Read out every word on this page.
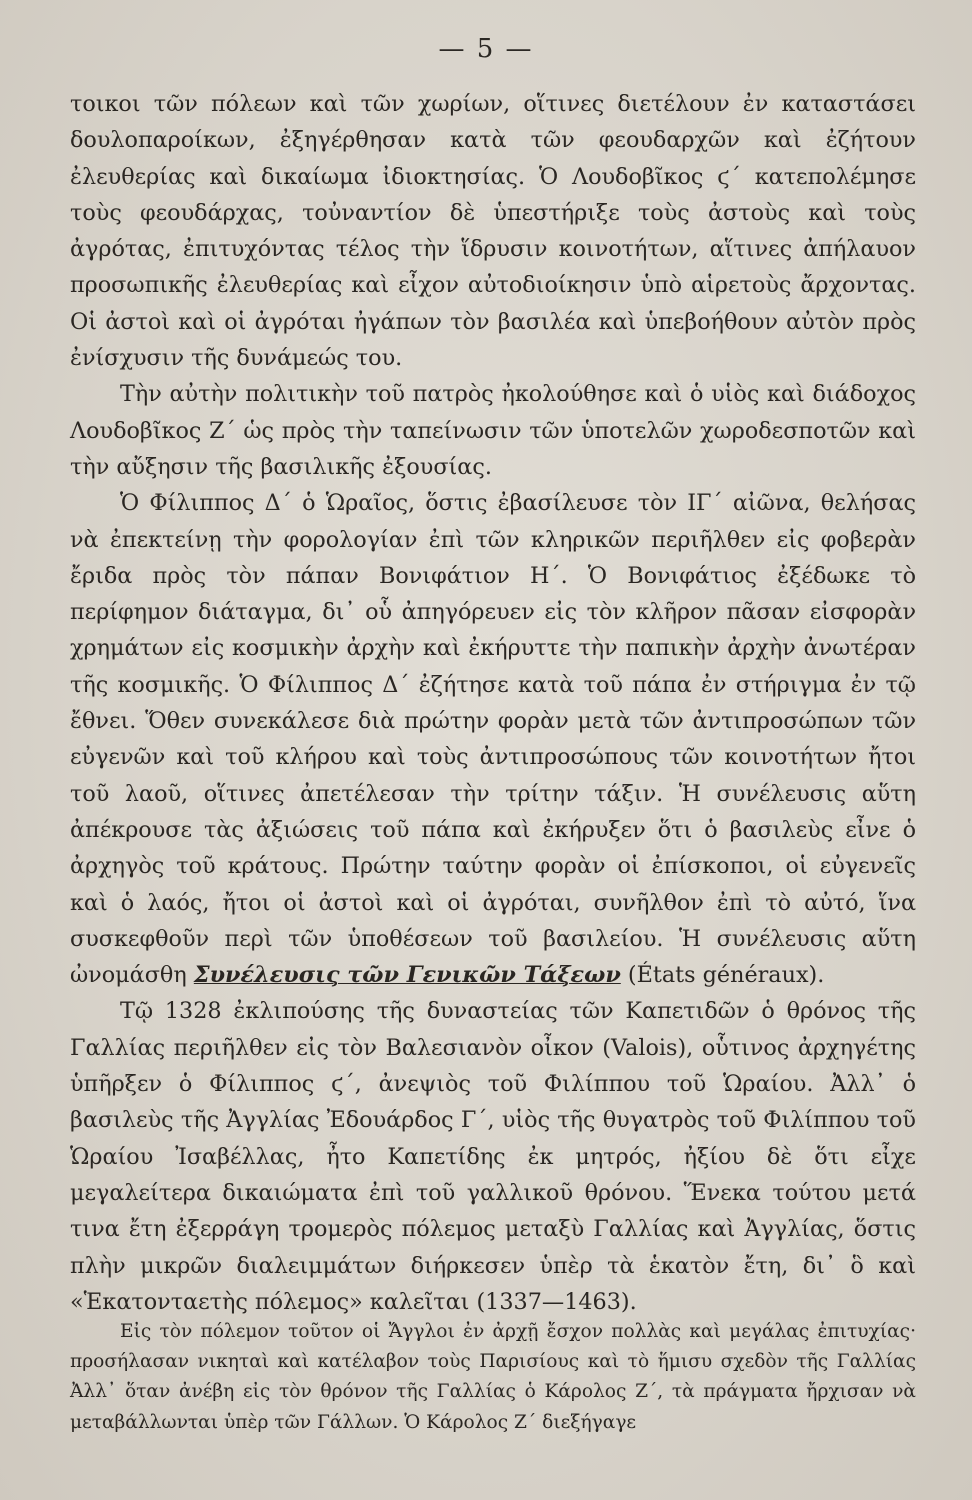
— 5 —

τοικοι τῶν πόλεων καὶ τῶν χωρίων, οἵτινες διετέλουν ἐν καταστάσει δουλοπαροίκων, ἐξηγέρθησαν κατὰ τῶν φεουδαρχῶν καὶ ἐζήτουν ἐλευθερίας καὶ δικαίωμα ἰδιοκτησίας. Ὁ Λουδοβῖκος ϛ΄ κατεπολέμησε τοὺς φεουδάρχας, τοὐναντίον δὲ ὑπεστήριξε τοὺς ἀστοὺς καὶ τοὺς ἀγρότας, ἐπιτυχόντας τέλος τὴν ἵδρυσιν κοινοτήτων, αἵτινες ἀπήλαυον προσωπικῆς ἐλευθερίας καὶ εἶχον αὐτοδιοίκησιν ὑπὸ αἱρετοὺς ἄρχοντας. Οἱ ἀστοὶ καὶ οἱ ἀγρόται ἠγάπων τὸν βασιλέα καὶ ὑπεβοήθουν αὐτὸν πρὸς ἐνίσχυσιν τῆς δυνάμεώς του.

Τὴν αὐτὴν πολιτικὴν τοῦ πατρὸς ἠκολούθησε καὶ ὁ υἱὸς καὶ διάδοχος Λουδοβῖκος Ζ΄ ὡς πρὸς τὴν ταπείνωσιν τῶν ὑποτελῶν χωροδεσποτῶν καὶ τὴν αὔξησιν τῆς βασιλικῆς ἐξουσίας.

Ὁ Φίλιππος Δ΄ ὁ Ὡραῖος, ὅστις ἐβασίλευσε τὸν ΙΓ΄ αἰῶνα, θελήσας νὰ ἐπεκτείνῃ τὴν φορολογίαν ἐπὶ τῶν κληρικῶν περιῆλθεν εἰς φοβερὰν ἔριδα πρὸς τὸν πάπαν Βονιφάτιον Η΄. Ὁ Βονιφάτιος ἐξέδωκε τὸ περίφημον διάταγμα, δι᾽ οὗ ἀπηγόρευεν εἰς τὸν κλῆρον πᾶσαν εἰσφορὰν χρημάτων εἰς κοσμικὴν ἀρχὴν καὶ ἐκήρυττε τὴν παπικὴν ἀρχὴν ἀνωτέραν τῆς κοσμικῆς. Ὁ Φίλιππος Δ΄ ἐζήτησε κατὰ τοῦ πάπα ἐν στήριγμα ἐν τῷ ἔθνει. Ὅθεν συνεκάλεσε διὰ πρώτην φορὰν μετὰ τῶν ἀντιπροσώπων τῶν εὐγενῶν καὶ τοῦ κλήρου καὶ τοὺς ἀντιπροσώπους τῶν κοινοτήτων ἤτοι τοῦ λαοῦ, οἵτινες ἀπετέλεσαν τὴν τρίτην τάξιν. Ἡ συνέλευσις αὕτη ἀπέκρουσε τὰς ἀξιώσεις τοῦ πάπα καὶ ἐκήρυξεν ὅτι ὁ βασιλεὺς εἶνε ὁ ἀρχηγὸς τοῦ κράτους. Πρώτην ταύτην φορὰν οἱ ἐπίσκοποι, οἱ εὐγενεῖς καὶ ὁ λαός, ἤτοι οἱ ἀστοὶ καὶ οἱ ἀγρόται, συνῆλθον ἐπὶ τὸ αὐτό, ἵνα συσκεφθοῦν περὶ τῶν ὑποθέσεων τοῦ βασιλείου. Ἡ συνέλευσις αὕτη ὠνομάσθη Συνέλευσις τῶν Γενικῶν Τάξεων (États généraux).

Τῷ 1328 ἐκλιπούσης τῆς δυναστείας τῶν Καπετιδῶν ὁ θρόνος τῆς Γαλλίας περιῆλθεν εἰς τὸν Βαλεσιανὸν οἶκον (Valois), οὗτινος ἀρχηγέτης ὑπῆρξεν ὁ Φίλιππος ϛ΄, ἀνεψιὸς τοῦ Φιλίππου τοῦ Ὡραίου. Ἀλλ᾽ ὁ βασιλεὺς τῆς Ἀγγλίας Ἐδουάρδος Γ΄, υἱὸς τῆς θυγατρὸς τοῦ Φιλίππου τοῦ Ὡραίου Ἰσαβέλλας, ἦτο Καπετίδης ἐκ μητρός, ἠξίου δὲ ὅτι εἶχε μεγαλείτερα δικαιώματα ἐπὶ τοῦ γαλλικοῦ θρόνου. Ἕνεκα τούτου μετά τινα ἔτη ἐξερράγη τρομερὸς πόλεμος μεταξὺ Γαλλίας καὶ Ἀγγλίας, ὅστις πλὴν μικρῶν διαλειμμάτων διήρκεσεν ὑπὲρ τὰ ἑκατὸν ἔτη, δι᾽ ὃ καὶ «Ἑκατονταετὴς πόλεμος» καλεῖται (1337—1463).

Εἰς τὸν πόλεμον τοῦτον οἱ Ἄγγλοι ἐν ἀρχῇ ἔσχον πολλὰς καὶ μεγάλας ἐπιτυχίας· προσήλασαν νικηταὶ καὶ κατέλαβον τοὺς Παρισίους καὶ τὸ ἥμισυ σχεδὸν τῆς Γαλλίας Ἀλλ᾽ ὅταν ἀνέβη εἰς τὸν θρόνον τῆς Γαλλίας ὁ Κάρολος Ζ΄, τὰ πράγματα ἤρχισαν νὰ μεταβάλλωνται ὑπὲρ τῶν Γάλλων. Ὁ Κάρολος Ζ΄ διεξήγαγε
